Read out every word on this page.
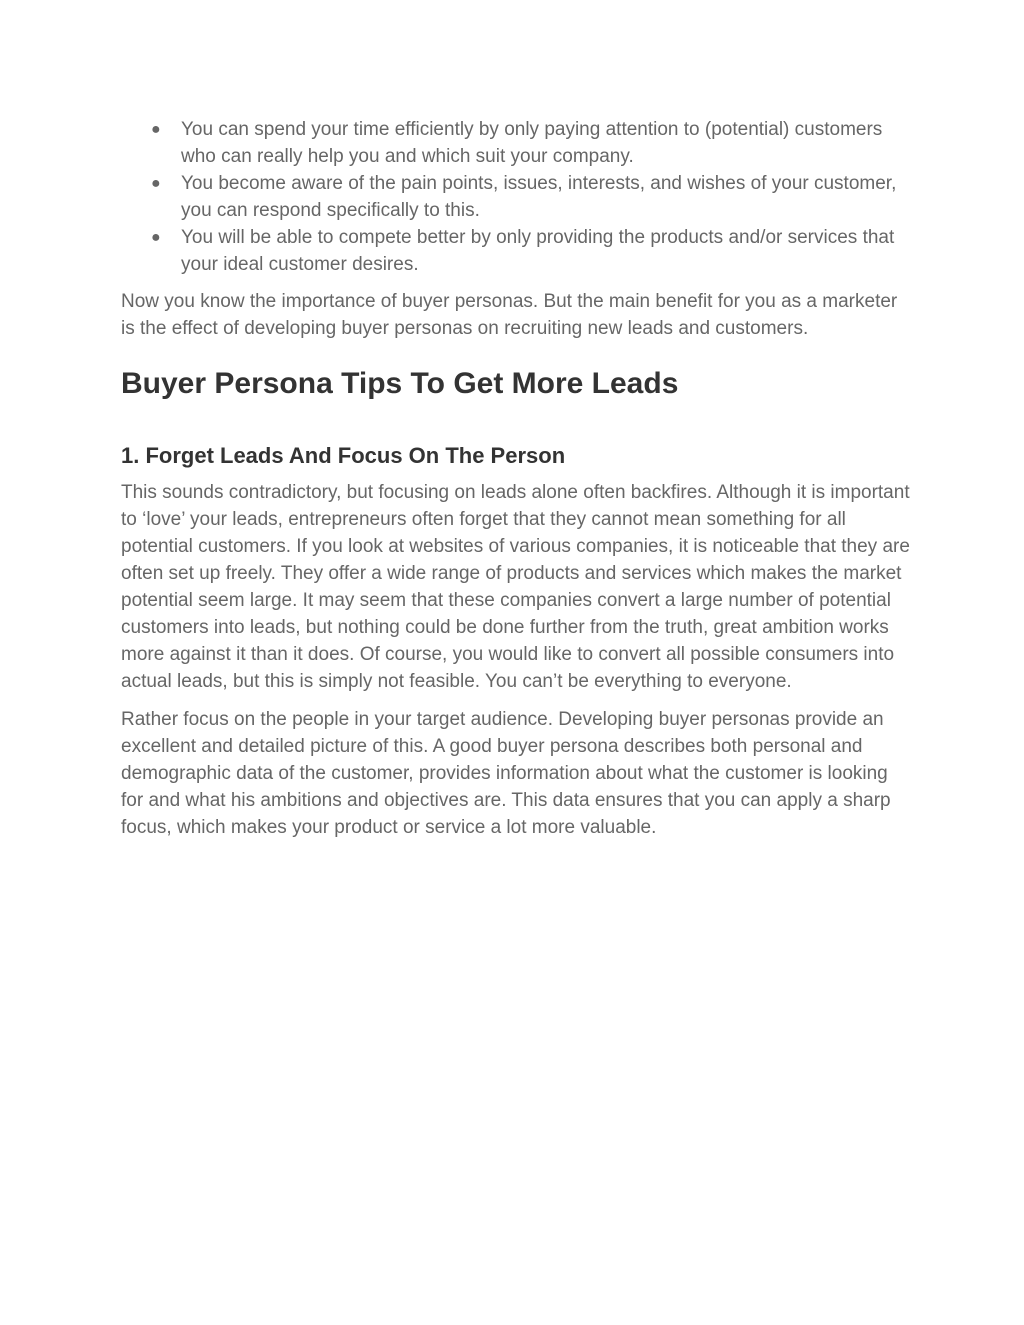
● You can spend your time efficiently by only paying attention to (potential) customers who can really help you and which suit your company.
● You become aware of the pain points, issues, interests, and wishes of your customer, you can respond specifically to this.
● You will be able to compete better by only providing the products and/or services that your ideal customer desires.

Now you know the importance of buyer personas. But the main benefit for you as a marketer is the effect of developing buyer personas on recruiting new leads and customers.

Buyer Persona Tips To Get More Leads
1. Forget Leads And Focus On The Person

This sounds contradictory, but focusing on leads alone often backfires. Although it is important to ‘love’ your leads, entrepreneurs often forget that they cannot mean something for all potential customers. If you look at websites of various companies, it is noticeable that they are often set up freely. They offer a wide range of products and services which makes the market potential seem large. It may seem that these companies convert a large number of potential customers into leads, but nothing could be done further from the truth, great ambition works more against it than it does. Of course, you would like to convert all possible consumers into actual leads, but this is simply not feasible. You can’t be everything to everyone.

Rather focus on the people in your target audience. Developing buyer personas provide an excellent and detailed picture of this. A good buyer persona describes both personal and demographic data of the customer, provides information about what the customer is looking for and what his ambitions and objectives are. This data ensures that you can apply a sharp focus, which makes your product or service a lot more valuable.
